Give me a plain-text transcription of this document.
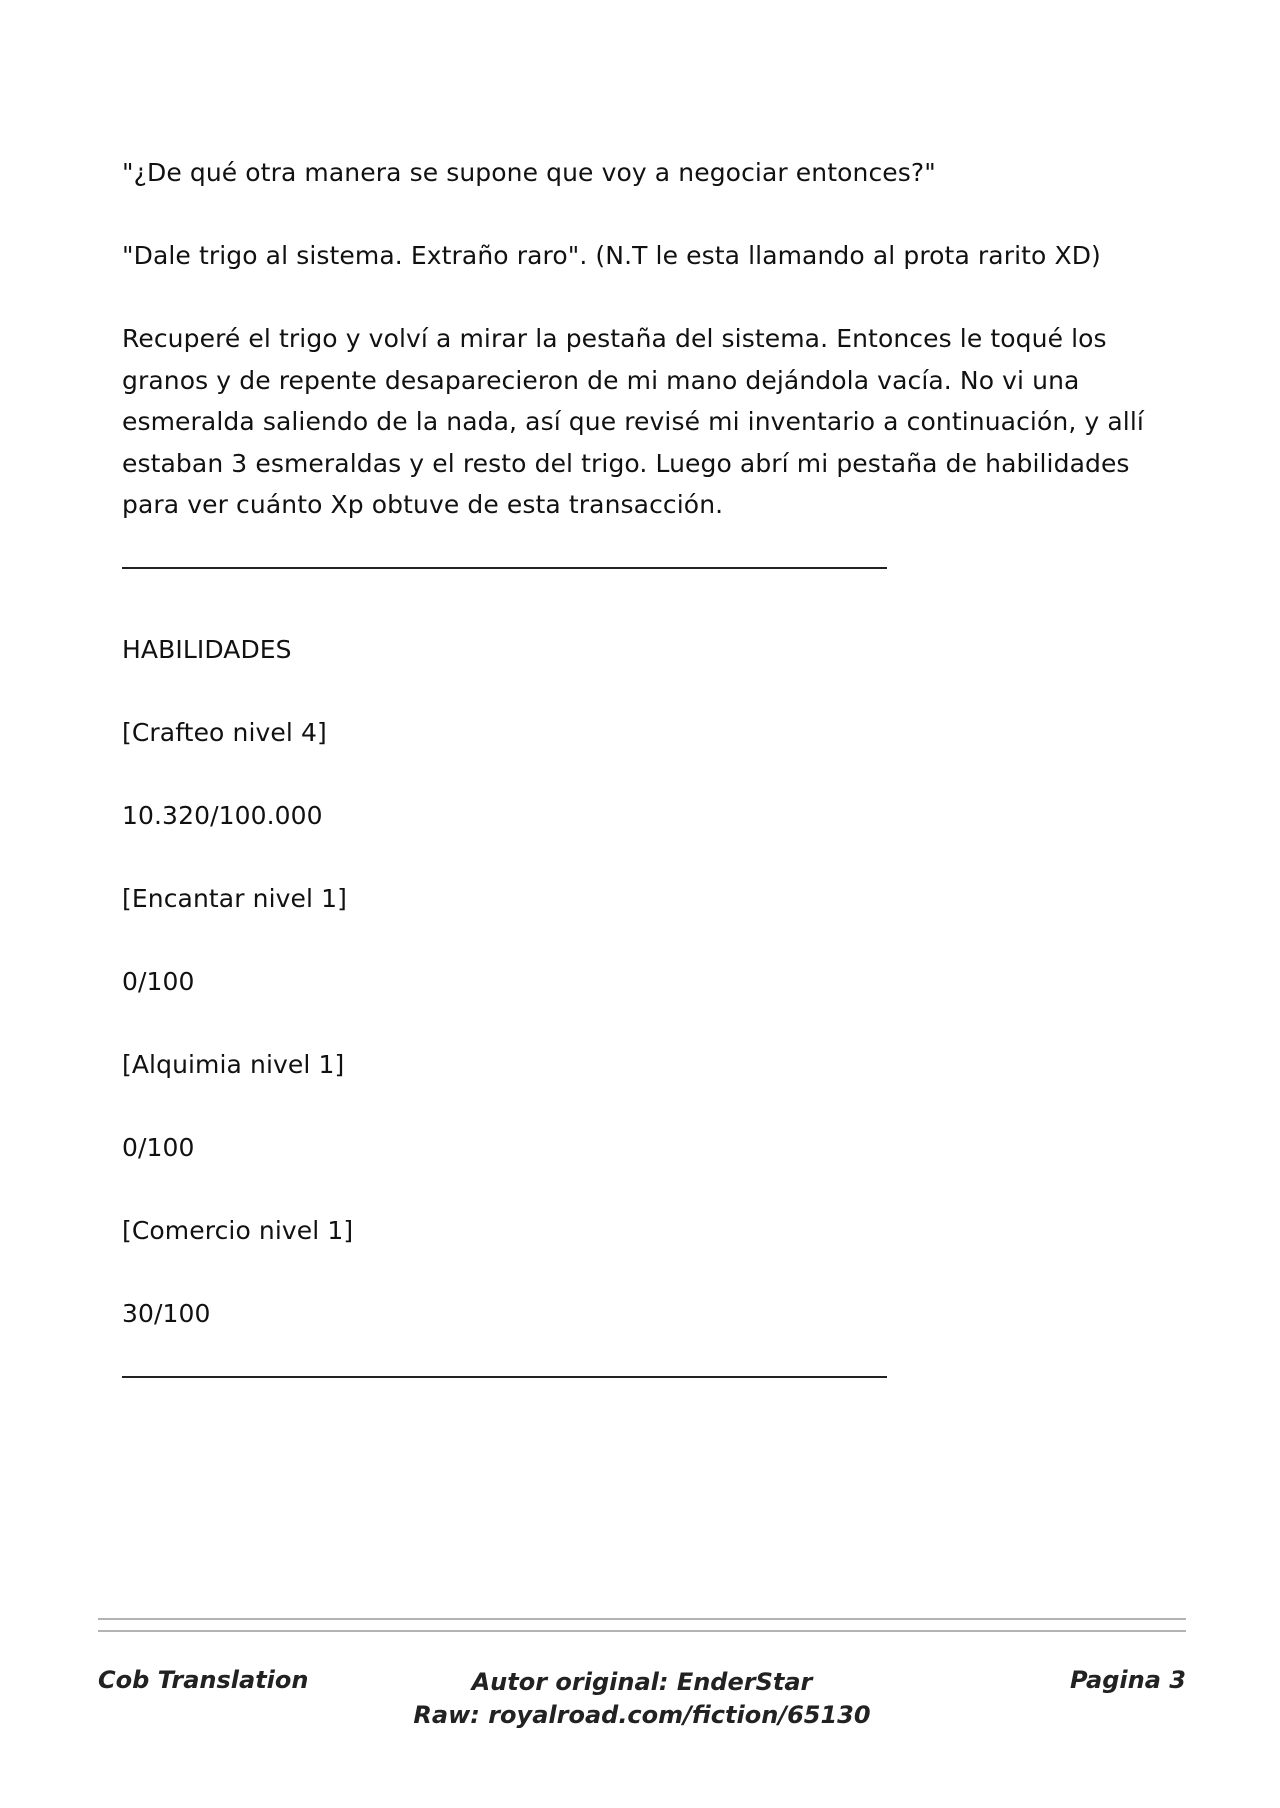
"¿De qué otra manera se supone que voy a negociar entonces?"

"Dale trigo al sistema. Extraño raro". (N.T le esta llamando al prota rarito XD)

Recuperé el trigo y volví a mirar la pestaña del sistema. Entonces le toqué los granos y de repente desaparecieron de mi mano dejándola vacía. No vi una esmeralda saliendo de la nada, así que revisé mi inventario a continuación, y allí estaban 3 esmeraldas y el resto del trigo. Luego abrí mi pestaña de habilidades para ver cuánto Xp obtuve de esta transacción.

HABILIDADES

[Crafteo nivel 4]

10.320/100.000

[Encantar nivel 1]

0/100

[Alquimia nivel 1]

0/100

[Comercio nivel 1]

30/100

Cob Translation	Autor original: EnderStar
Raw: royalroad.com/fiction/65130
Pagina 3
